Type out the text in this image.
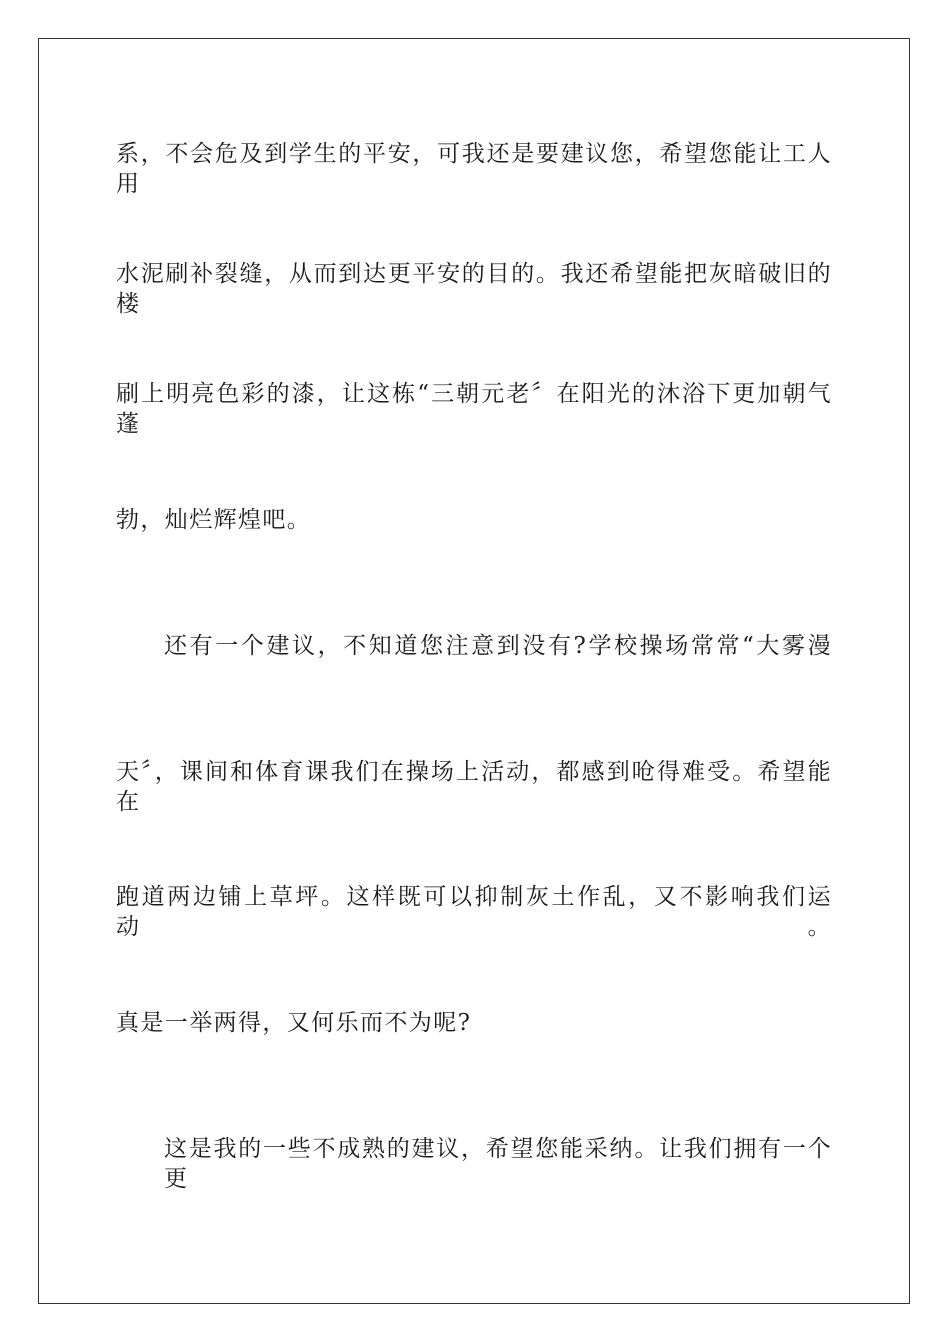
系，不会危及到学生的平安，可我还是要建议您，希望您能让工人用
水泥刷补裂缝，从而到达更平安的目的。我还希望能把灰暗破旧的楼
刷上明亮色彩的漆，让这栋“三朝元老〞在阳光的沐浴下更加朝气蓬
勃，灿烂辉煌吧。
还有一个建议，不知道您注意到没有?学校操场常常“大雾漫
天〞，课间和体育课我们在操场上活动，都感到呛得难受。希望能在
跑道两边铺上草坪。这样既可以抑制灰土作乱，又不影响我们运动。
真是一举两得，又何乐而不为呢?
这是我的一些不成熟的建议，希望您能采纳。让我们拥有一个更
